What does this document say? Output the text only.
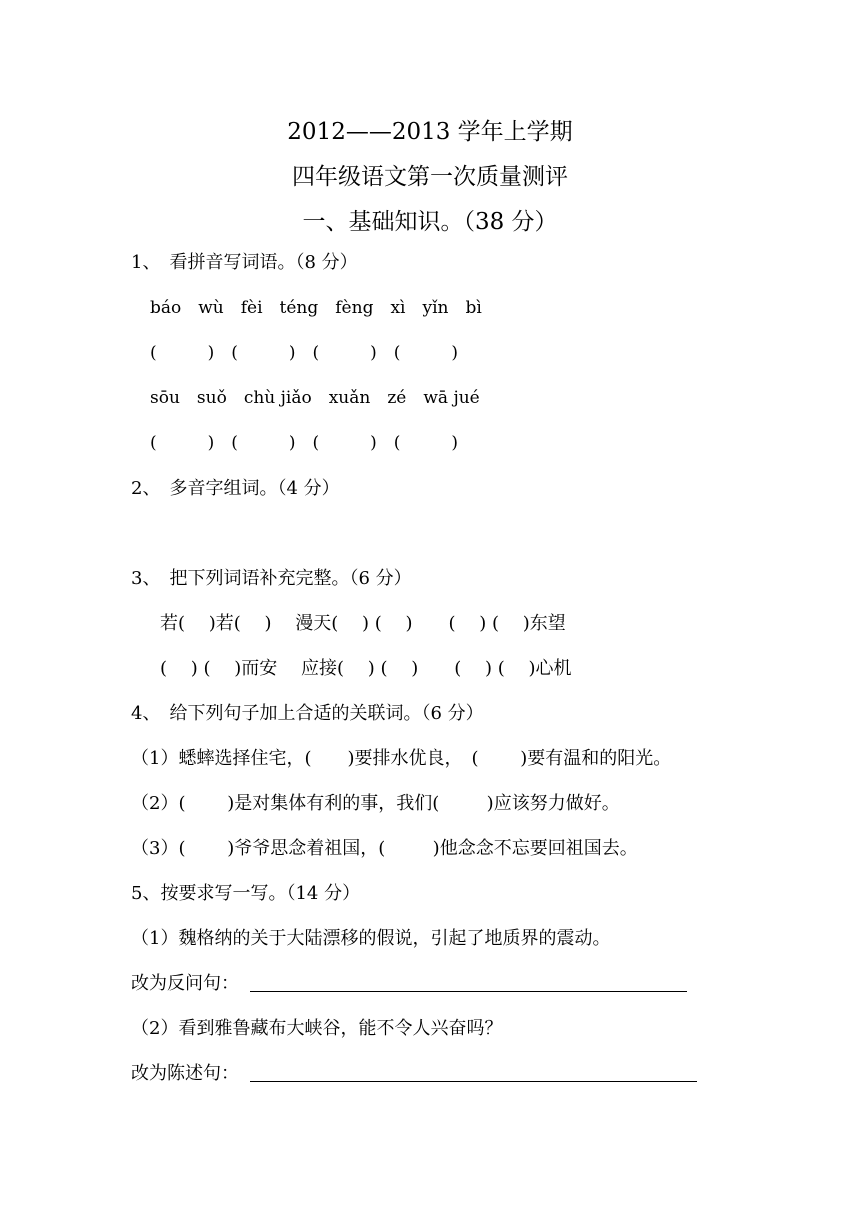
2012——2013 学年上学期
四年级语文第一次质量测评
一、基础知识。（38 分）
1、　看拼音写词语。（8 分）
báo　wù　fèi　téng　fèng　xì　yǐn　bì
(　　　)　(　　　)　(　　　)　(　　　)
sōu　suǒ　chù jiǎo　xuǎn　zé　wā jué
(　　　)　(　　　)　(　　　)　(　　　)
2、　多音字组词。（4 分）
3、　把下列词语补充完整。（6 分）
若(　 )若(　 )　 漫天(　 ) (　 )　　(　 ) (　 )东望
(　 ) (　 )而安　 应接(　 ) (　 )　　(　 ) (　 )心机
4、　给下列句子加上合适的关联词。（6 分）
（1）蟋蟀选择住宅，(　　)要排水优良，　(　　 )要有温和的阳光。
（2）(　　 )是对集体有利的事，我们(　　  )应该努力做好。
（3）(　　 )爷爷思念着祖国，(　　  )他念念不忘要回祖国去。
5、按要求写一写。（14 分）
（1）魏格纳的关于大陆漂移的假说，引起了地质界的震动。
改为反问句：
（2）看到雅鲁藏布大峡谷，能不令人兴奋吗？
改为陈述句：
